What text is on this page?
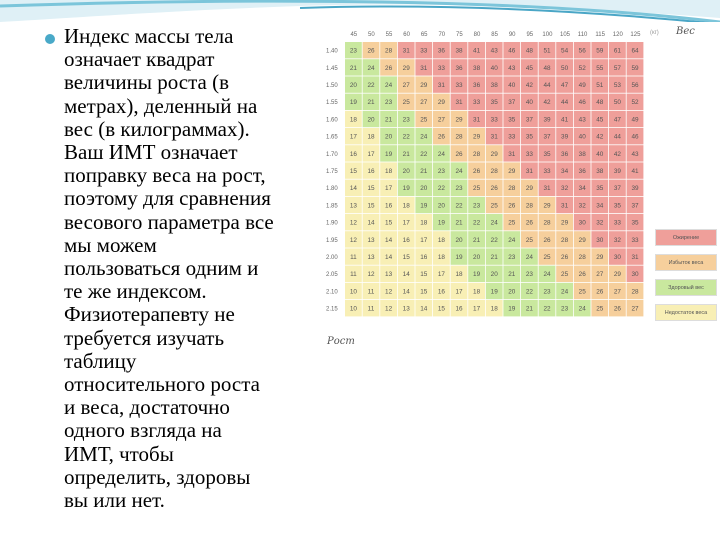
Индекс массы тела
означает квадрат
величины роста (в
метрах), деленный на
вес (в килограммах).
Ваш ИМТ означает
поправку веса на рост,
поэтому для сравнения
весового параметра все
мы можем
пользоваться одним и
те же индексом.
Физиотерапевту не
требуется изучать
таблицу
относительного роста
и веса, достаточно
одного взгляда на
ИМТ, чтобы
определить, здоровы
вы или нет.
45 50 55 60 65 70 75 80 85 90 95 100 105 110 115 120 125
1.40 23 26 28 31 33 36 38 41 43 46 48 51 54 56 59 61 64
1.45 21 24 26 29 31 33 36 38 40 43 45 48 50 52 55 57 59
1.50 20 22 24 27 29 31 33 36 38 40 42 44 47 49 51 53 56
1.55 19 21 23 25 27 29 31 33 35 37 40 42 44 46 48 50 52
1.60 18 20 21 23 25 27 29 31 33 35 37 39 41 43 45 47 49
1.65 17 18 20 22 24 26 28 29 31 33 35 37 39 40 42 44 46
1.70 16 17 19 21 22 24 26 28 29 31 33 35 36 38 40 42 43
1.75 15 16 18 20 21 23 24 26 28 29 31 33 34 36 38 39 41
1.80 14 15 17 19 20 22 23 25 26 28 29 31 32 34 35 37 39
1.85 13 15 16 18 19 20 22 23 25 26 28 29 31 32 34 35 37
1.90 12 14 15 17 18 19 21 22 24 25 26 28 29 30 32 33 35
1.95 12 13 14 16 17 18 20 21 22 24 25 26 28 29 30 32 33
2.00 11 13 14 15 16 18 19 20 21 23 24 25 26 28 29 30 31
2.05 11 12 13 14 15 17 18 19 20 21 23 24 25 26 27 29 30
2.10 10 11 12 14 15 16 17 18 19 20 22 23 24 25 26 27 28
2.15 10 11 12 13 14 15 16 17 18 19 21 22 23 24 25 26 27
Вес
(кг)
Рост
Ожирение
Избыток веса
Здоровый вес
Недостаток веса
